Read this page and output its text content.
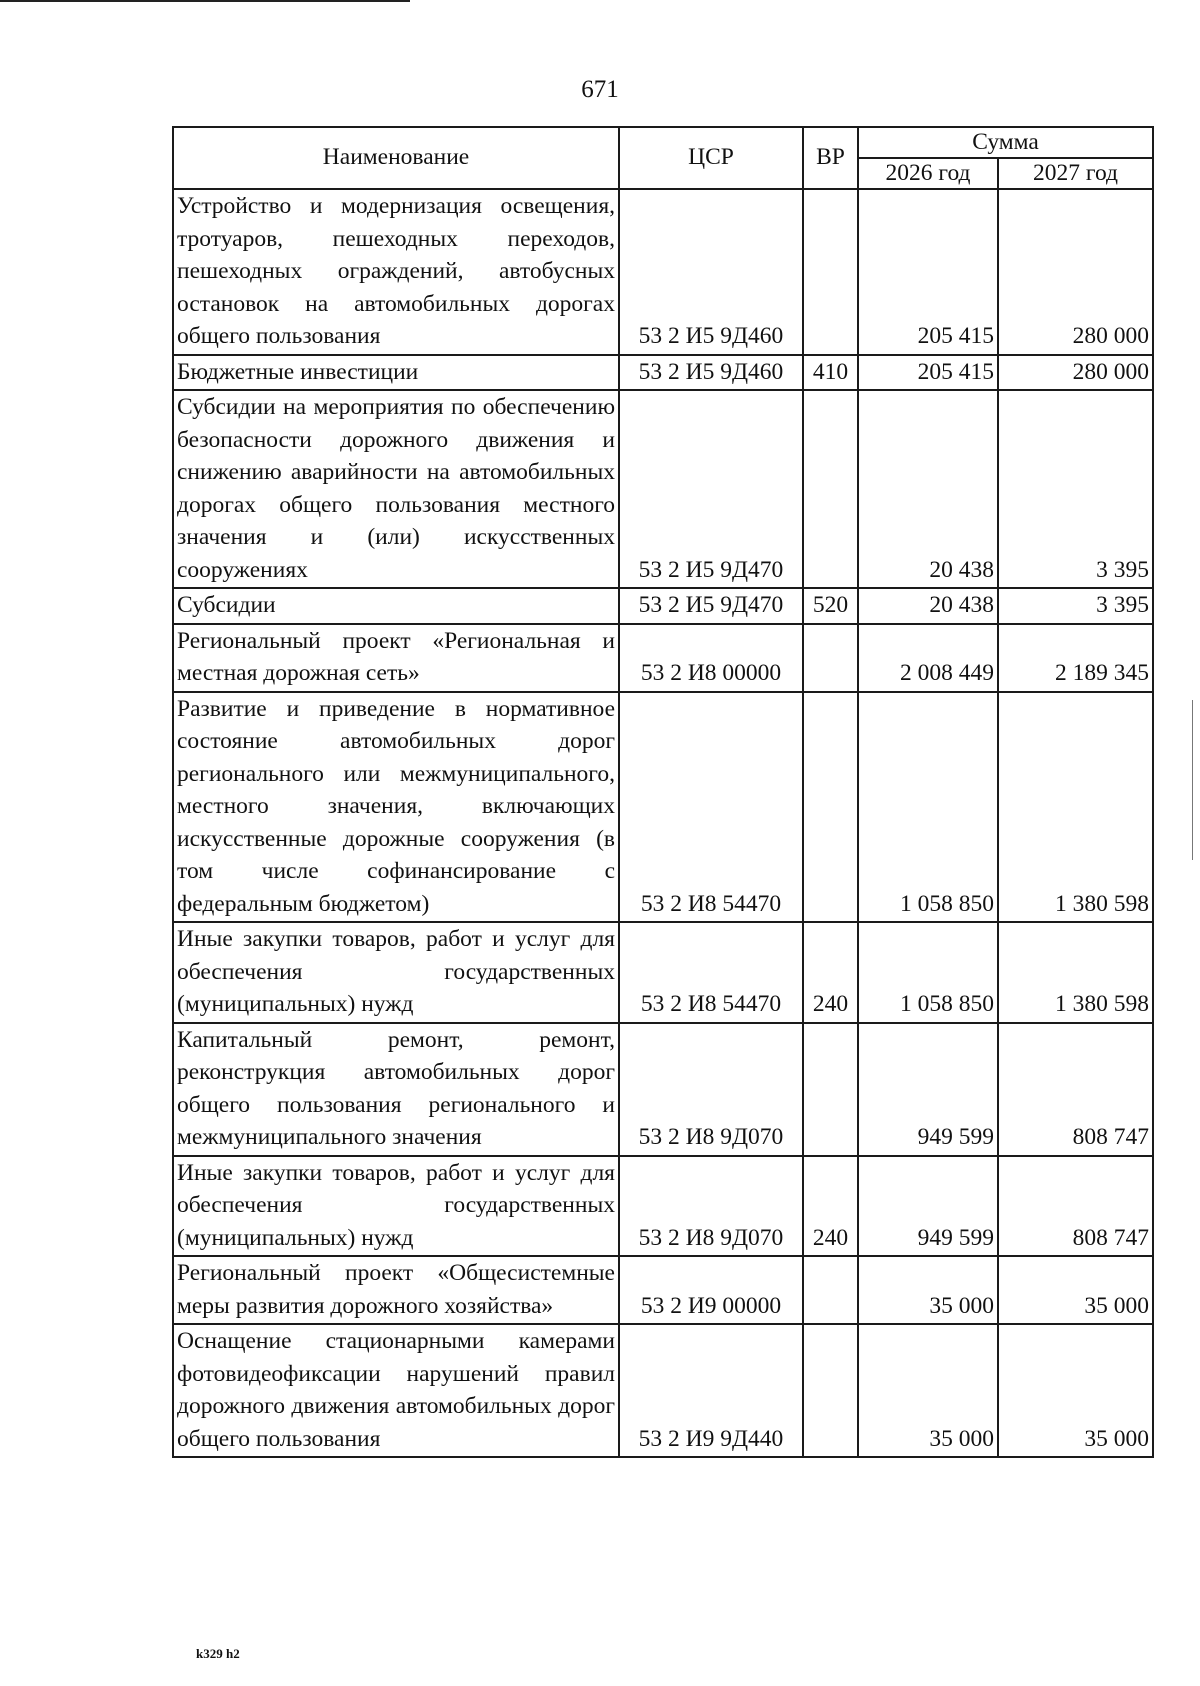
671
Наименование	ЦСР	ВР	Сумма	
			2026 год	2027 год
Устройство и модернизация освещения, тротуаров, пешеходных переходов, пешеходных ограждений, автобусных остановок на автомобильных дорогах общего пользования	53 2 И5 9Д460		205 415	280 000
Бюджетные инвестиции	53 2 И5 9Д460	410	205 415	280 000
Субсидии на мероприятия по обеспечению безопасности дорожного движения и снижению аварийности на автомобильных дорогах общего пользования местного значения и (или) искусственных сооружениях	53 2 И5 9Д470		20 438	3 395
Субсидии	53 2 И5 9Д470	520	20 438	3 395
Региональный проект «Региональная и местная дорожная сеть»	53 2 И8 00000		2 008 449	2 189 345
Развитие и приведение в нормативное состояние автомобильных дорог регионального или межмуниципального, местного значения, включающих искусственные дорожные сооружения (в том числе софинансирование с федеральным бюджетом)	53 2 И8 54470		1 058 850	1 380 598
Иные закупки товаров, работ и услуг для обеспечения государственных (муниципальных) нужд	53 2 И8 54470	240	1 058 850	1 380 598
Капитальный ремонт, ремонт, реконструкция автомобильных дорог общего пользования регионального и межмуниципального значения	53 2 И8 9Д070		949 599	808 747
Иные закупки товаров, работ и услуг для обеспечения государственных (муниципальных) нужд	53 2 И8 9Д070	240	949 599	808 747
Региональный проект «Общесистемные меры развития дорожного хозяйства»	53 2 И9 00000		35 000	35 000
Оснащение стационарными камерами фотовидеофиксации нарушений правил дорожного движения автомобильных дорог общего пользования	53 2 И9 9Д440		35 000	35 000
k329 h2
